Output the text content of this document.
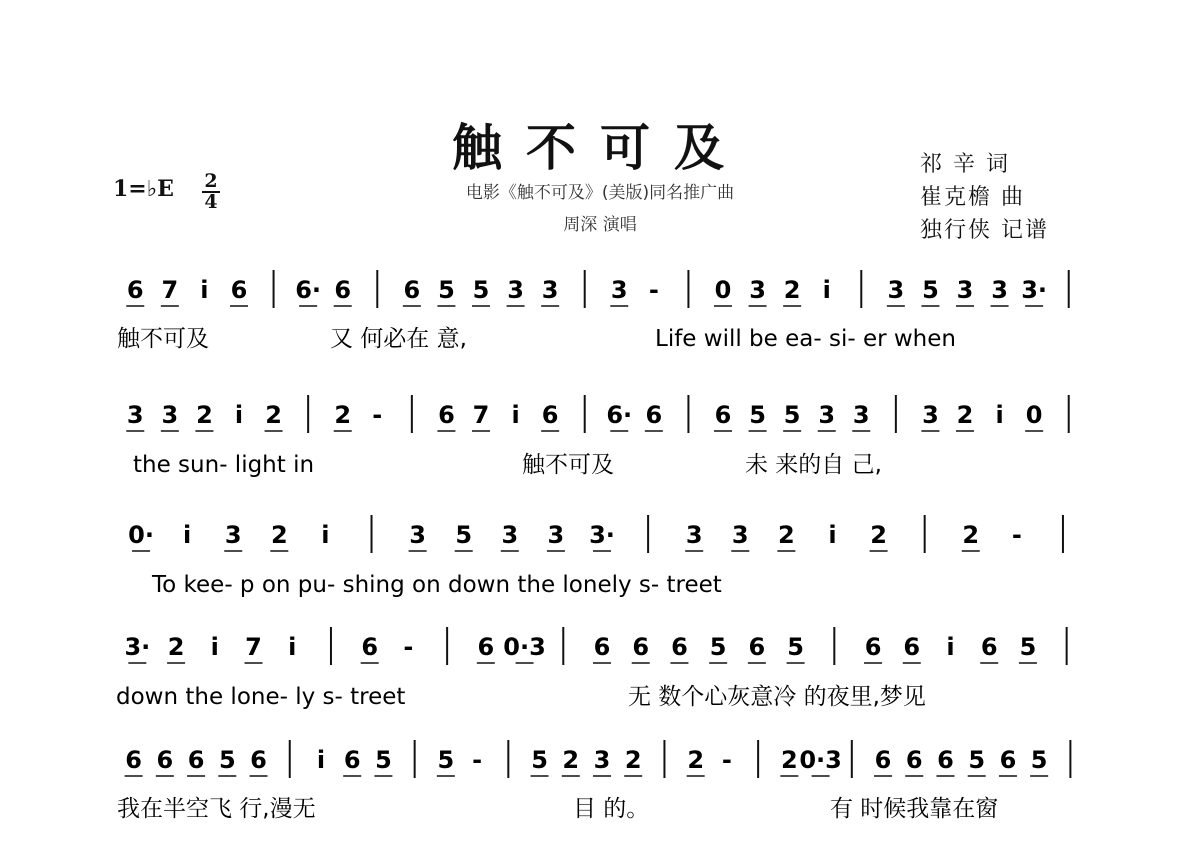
触不可及
1=♭E 2
4	电影《触不可及》(美版)同名推广曲
周深 演唱
祁 辛 词
崔克檐 曲
独行侠 记谱
6 7 i 6 6· 6 6 5 5 3 3 3 - 0 3 2 i 3 5 3 3 3·
触不可及	又 何必在 意,	Life will be ea- si- er when
3 3 2 i 2 2 - 6 7 i 6 6· 6 6 5 5 3 3 3 2 i 0
the sun- light in	触不可及	未 来的自 己,
0· i 3 2 i	3 5 3 3 3·	3 3 2 i 2	2 -
To kee- p on pu- shing on down the lonely s- treet
3· 2 i 7 i	6 -	6 0·3 6 6 6 5 6 5	6 6 i 6 5
down the lone- ly s- treet	无 数个心灰意冷 的夜里,梦见
6 6 6 5 6 i 6 5 5 - 5 2 3 2 2 - 2 0·3 6 6 6 5 6 5
我在半空飞 行,漫无	目 的。	有 时候我靠在窗
